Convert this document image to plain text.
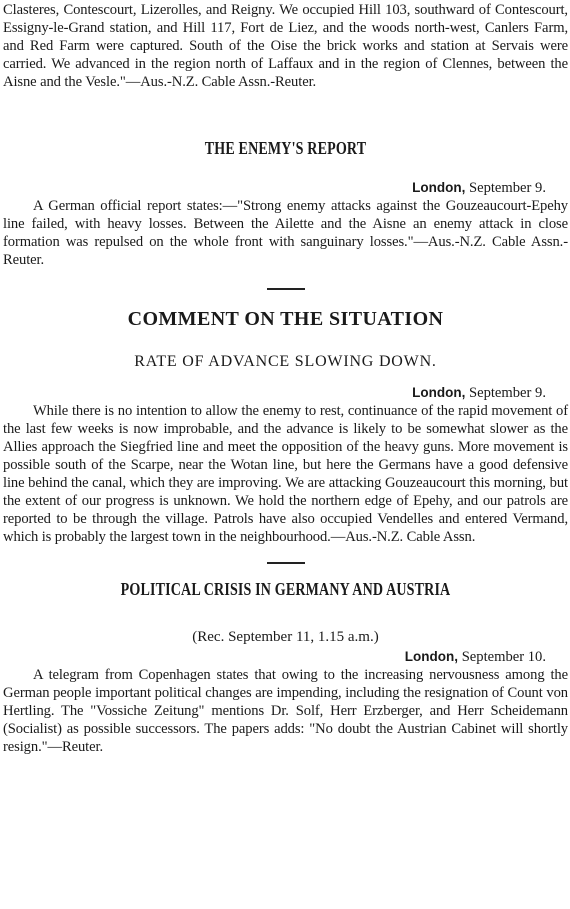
Clasteres, Contescourt, Lizerolles, and Reigny. We occupied Hill 103, southward of Contescourt, Essigny-le-Grand station, and Hill 117, Fort de Liez, and the woods north-west, Canlers Farm, and Red Farm were captured. South of the Oise the brick works and station at Servais were carried. We advanced in the region north of Laffaux and in the region of Clennes, between the Aisne and the Vesle."—Aus.-N.Z. Cable Assn.-Reuter.

THE ENEMY'S REPORT
London, September 9.

A German official report states:—"Strong enemy attacks against the Gouzeaucourt-Epehy line failed, with heavy losses. Between the Ailette and the Aisne an enemy attack in close formation was repulsed on the whole front with sanguinary losses."—Aus.-N.Z. Cable Assn.-Reuter.

COMMENT ON THE SITUATION
RATE OF ADVANCE SLOWING DOWN.
London, September 9.

While there is no intention to allow the enemy to rest, continuance of the rapid movement of the last few weeks is now improbable, and the advance is likely to be somewhat slower as the Allies approach the Siegfried line and meet the opposition of the heavy guns. More movement is possible south of the Scarpe, near the Wotan line, but here the Germans have a good defensive line behind the canal, which they are improving. We are attacking Gouzeaucourt this morning, but the extent of our progress is unknown. We hold the northern edge of Epehy, and our patrols are reported to be through the village. Patrols have also occupied Vendelles and entered Vermand, which is probably the largest town in the neighbourhood.—Aus.-N.Z. Cable Assn.

POLITICAL CRISIS IN GERMANY AND AUSTRIA
(Rec. September 11, 1.15 a.m.)
London, September 10.

A telegram from Copenhagen states that owing to the increasing nervousness among the German people important political changes are impending, including the resignation of Count von Hertling. The "Vossiche Zeitung" mentions Dr. Solf, Herr Erzberger, and Herr Scheidemann (Socialist) as possible successors. The papers adds: "No doubt the Austrian Cabinet will shortly resign."—Reuter.
